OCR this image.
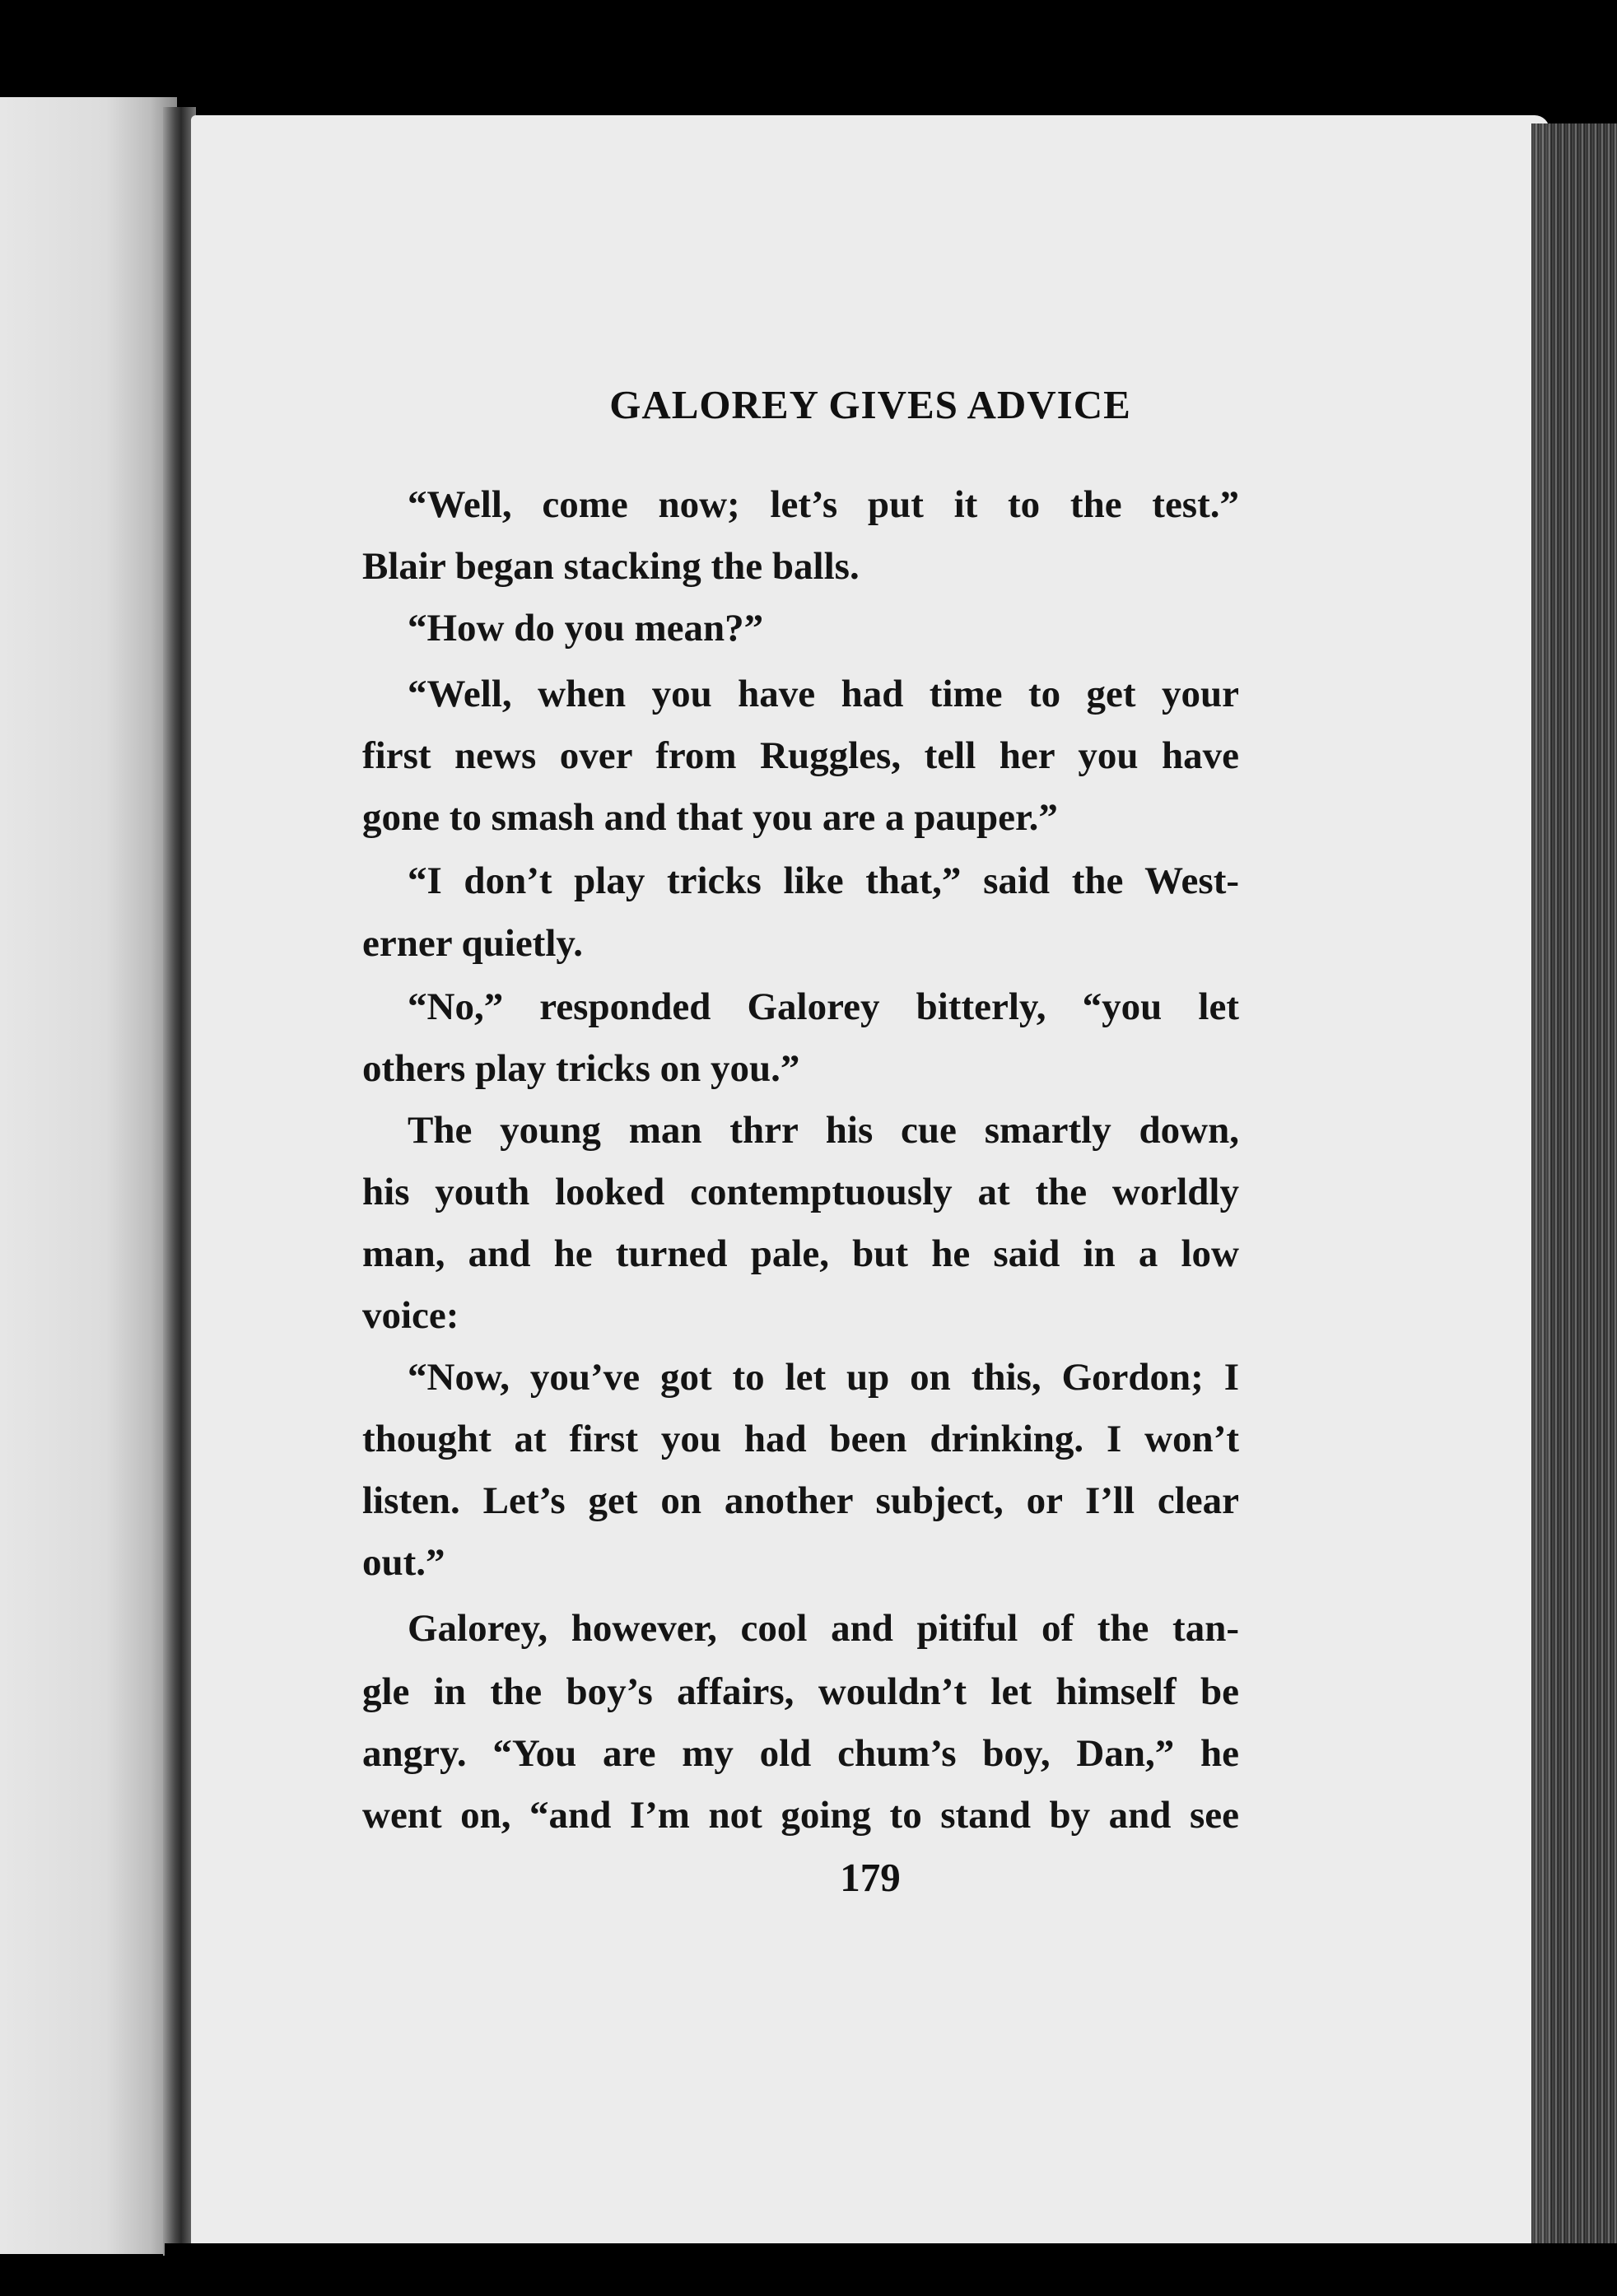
GALOREY GIVES ADVICE
“Well, come now; let’s put it to the test.”
Blair began stacking the balls.
“How do you mean?”
“Well, when you have had time to get your
first news over from Ruggles, tell her you have
gone to smash and that you are a pauper.”
“I don’t play tricks like that,” said the West-
erner quietly.
“No,” responded Galorey bitterly, “you let
others play tricks on you.”
The young man thrr his cue smartly down,
his youth looked contemptuously at the worldly
man, and he turned pale, but he said in a low
voice:
“Now, you’ve got to let up on this, Gordon; I
thought at first you had been drinking. I won’t
listen. Let’s get on another subject, or I’ll clear
out.”
Galorey, however, cool and pitiful of the tan-
gle in the boy’s affairs, wouldn’t let himself be
angry. “You are my old chum’s boy, Dan,” he
went on, “and I’m not going to stand by and see
179
